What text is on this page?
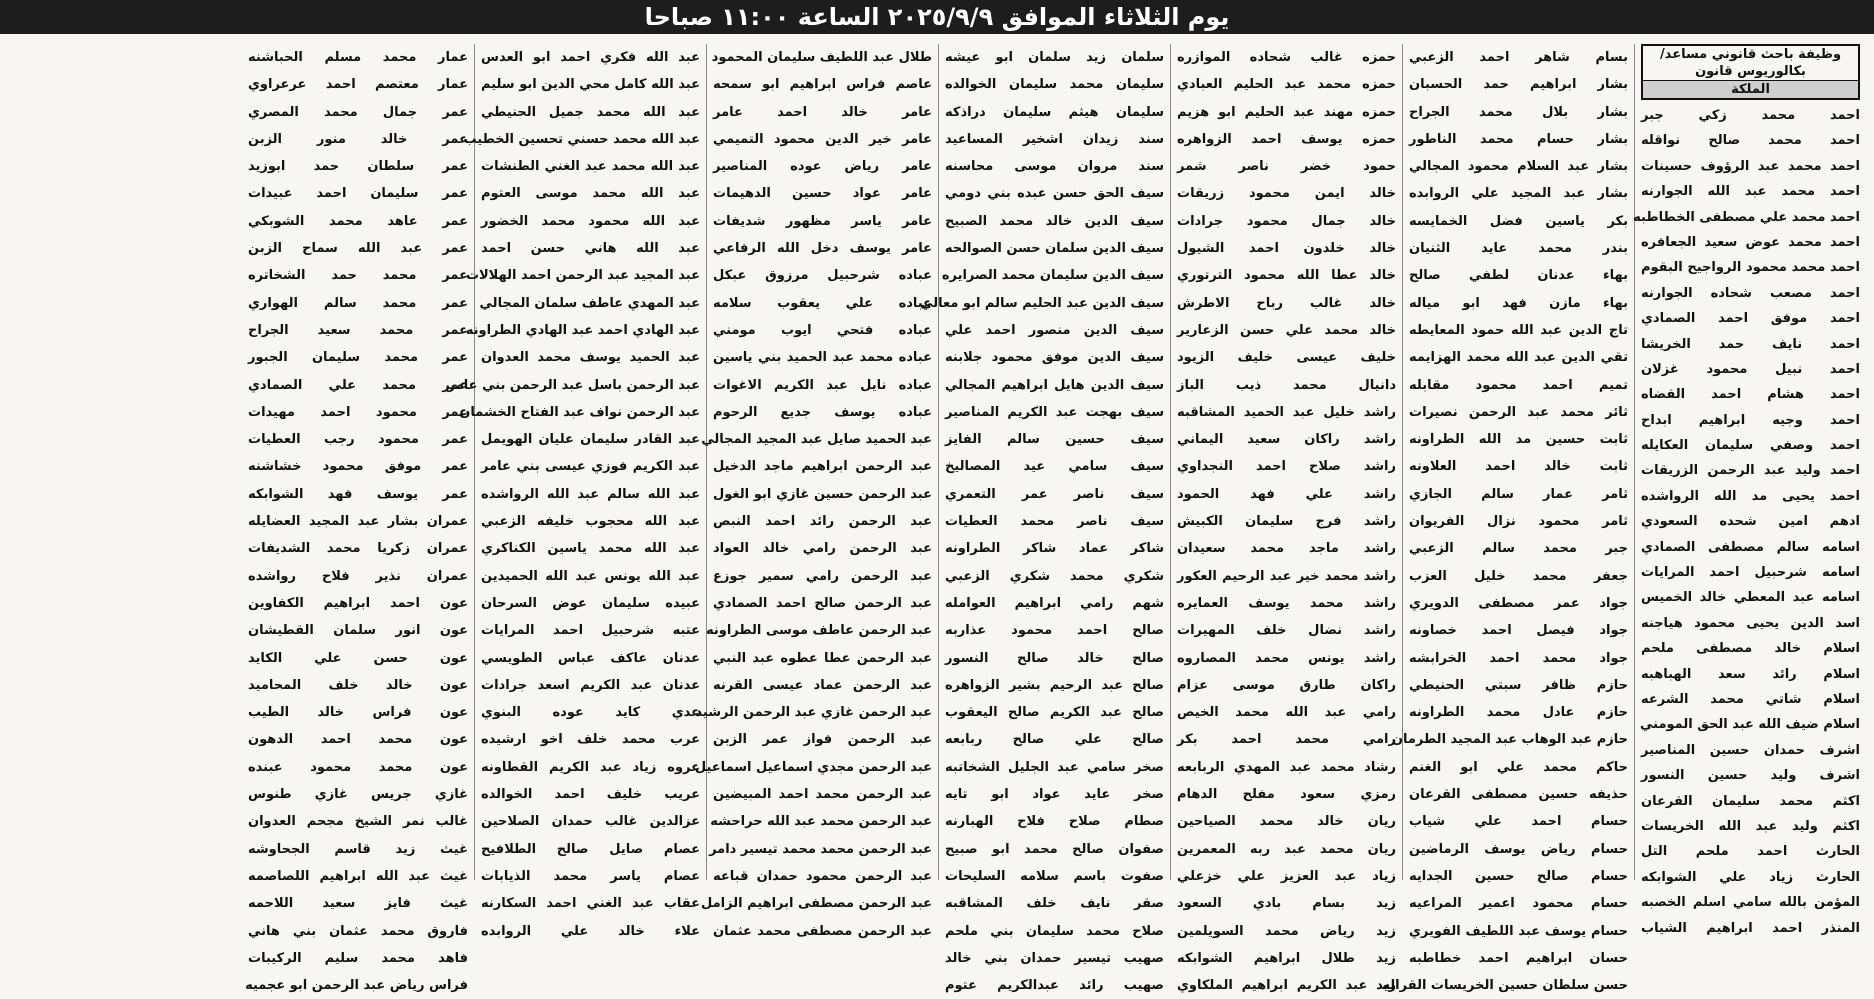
يوم الثلاثاء الموافق ٢٠٢٥/٩/٩ الساعة ١١:٠٠ صباحا
وظيفة باحث قانوني مساعد/
بكالوريوس قانون
الملكة
احمد محمد زكي جبر
احمد محمد صالح نواقله
احمد محمد عبد الرؤوف حسينات
احمد محمد عبد الله الجوارنه
احمد محمد علي مصطفى الخطاطبه
احمد محمد عوض سعيد الجعافره
احمد محمد محمود الرواجيح البقوم
احمد مصعب شحاده الجوارنه
احمد موفق احمد الصمادي
احمد نايف حمد الخريشا
احمد نبيل محمود غزلان
احمد هشام احمد القضاه
احمد وجيه ابراهيم ابداح
احمد وصفي سليمان العكايله
احمد وليد عبد الرحمن الزريقات
احمد يحيى مد الله الرواشده
ادهم امين شحده السعودي
اسامه سالم مصطفى الصمادي
اسامه شرحبيل احمد المرايات
اسامه عبد المعطي خالد الخميس
اسد الدين يحيى محمود هياجنه
اسلام خالد مصطفى ملحم
اسلام رائد سعد الهباهبه
اسلام شاتي محمد الشرعه
اسلام ضيف الله عبد الحق المومني
اشرف حمدان حسين المناصير
اشرف وليد حسين النسور
اكثم محمد سليمان القرعان
اكثم وليد عبد الله الخريسات
الحارث احمد ملحم التل
الحارث زياد علي الشوابكه
المؤمن بالله سامي اسلم الخصبه
المنذر احمد ابراهيم الشياب
بسام شاهر احمد الزعبي
بشار ابراهيم حمد الحسبان
بشار بلال محمد الجراح
بشار حسام محمد الناطور
بشار عبد السلام محمود المجالي
بشار عبد المجيد علي الروابده
بكر ياسين فضل الخمايسه
بندر محمد عايد الثنيان
بهاء عدنان لطفي صالح
بهاء مازن فهد ابو مياله
تاج الدين عبد الله حمود المعايطه
تقي الدين عبد الله محمد الهزايمه
تميم احمد محمود مقابله
ثائر محمد عبد الرحمن نصيرات
ثابت حسين مد الله الطراونه
ثابت خالد احمد العلاونه
ثامر عمار سالم الجازي
ثامر محمود نزال الفريوان
جبر محمد سالم الزعبي
جعفر محمد خليل العزب
جواد عمر مصطفى الدويري
جواد فيصل احمد خصاونه
جواد محمد احمد الخرابشه
حازم ظافر سبتي الحنيطي
حازم عادل محمد الطراونه
حازم عبد الوهاب عبد المجيد الطرمان
حاكم محمد علي ابو الغنم
حذيفه حسين مصطفى القرعان
حسام احمد علي شياب
حسام رياض يوسف الرماضين
حسام صالح حسين الجدايه
حسام محمود اعمير المراعيه
حسام يوسف عبد اللطيف الفويري
حسان ابراهيم احمد خطاطبه
حسن سلطان حسين الخريسات القراله
حمزه غالب شحاده الموازره
حمزه محمد عبد الحليم العبادي
حمزه مهند عبد الحليم ابو هزيم
حمزه يوسف احمد الزواهره
حمود خضر ناصر شمر
خالد ايمن محمود زريقات
خالد جمال محمود جرادات
خالد خلدون احمد الشيول
خالد عطا الله محمود الترتوري
خالد غالب رباح الاطرش
خالد محمد علي حسن الزعارير
خليف عيسى خليف الزيود
دانيال محمد ذيب الباز
راشد خليل عبد الحميد المشاقبه
راشد راكان سعيد اليماني
راشد صلاح احمد النجداوي
راشد علي فهد الحمود
راشد فرج سليمان الكبيش
راشد ماجد محمد سعيدان
راشد محمد خير عبد الرحيم العكور
راشد محمد يوسف العمايره
راشد نضال خلف المهيرات
راشد يونس محمد المصاروه
راكان طارق موسى عزام
رامي عبد الله محمد الخيص
رامي محمد احمد بكر
رشاد محمد عبد المهدي الربابعه
رمزي سعود مفلح الدهام
ريان خالد محمد الصياحين
ريان محمد عبد ربه المعمرين
زياد عبد العزيز علي خزعلي
زيد بسام بادي السعود
زيد رياض محمد السويلمين
زيد طلال ابراهيم الشوابكه
زيد عبد الكريم ابراهيم الملكاوي
سلمان زيد سلمان ابو عيشه
سليمان محمد سليمان الخوالده
سليمان هيثم سليمان دراذكه
سند زيدان اشخير المساعيد
سند مروان موسى محاسنه
سيف الحق حسن عبده بني دومي
سيف الدين خالد محمد الصبيح
سيف الدين سلمان حسن الصوالحه
سيف الدين سليمان محمد الصرايره
سيف الدين عبد الحليم سالم ابو معالي
سيف الدين منصور احمد علي
سيف الدين موفق محمود جلابنه
سيف الدين هايل ابراهيم المجالي
سيف بهجت عبد الكريم المناصير
سيف حسين سالم الفايز
سيف سامي عيد المصاليخ
سيف ناصر عمر التعمري
سيف ناصر محمد العطيات
شاكر عماد شاكر الطراونه
شكري محمد شكري الزعبي
شهم رامي ابراهيم العوامله
صالح احمد محمود عذاربه
صالح خالد صالح النسور
صالح عبد الرحيم بشير الزواهره
صالح عبد الكريم صالح اليعقوب
صالح علي صالح ربابعه
صخر سامي عبد الجليل الشخاتبه
صخر عايد عواد ابو تايه
صطام صلاح فلاح الهبارنه
صفوان صالح محمد ابو صبيح
صفوت باسم سلامه السليحات
صقر نايف خلف المشاقبه
صلاح محمد سليمان بني ملحم
صهيب تيسير حمدان بني خالد
صهيب رائد عبدالكريم عتوم
طلال عبد اللطيف سليمان المحمود
عاصم فراس ابراهيم ابو سمحه
عامر خالد احمد عامر
عامر خير الدين محمود التميمي
عامر رياض عوده المناصير
عامر عواد حسين الدهيمات
عامر ياسر مظهور شديفات
عامر يوسف دخل الله الرفاعي
عباده شرحبيل مرزوق عبكل
عباده علي يعقوب سلامه
عباده فتحي ايوب مومني
عباده محمد عبد الحميد بني ياسين
عباده نايل عبد الكريم الاغوات
عباده يوسف جديع الرحوم
عبد الحميد صايل عبد المجيد المجالي
عبد الرحمن ابراهيم ماجد الدخيل
عبد الرحمن حسين غازي ابو الغول
عبد الرحمن رائد احمد النبص
عبد الرحمن رامي خالد العواد
عبد الرحمن رامي سمير جوزع
عبد الرحمن صالح احمد الصمادي
عبد الرحمن عاطف موسى الطراونه
عبد الرحمن عطا عطوه عبد النبي
عبد الرحمن عماد عيسى القرنه
عبد الرحمن غازي عبد الرحمن الرشيد
عبد الرحمن فواز عمر الزبن
عبد الرحمن مجدي اسماعيل اسماعيل
عبد الرحمن محمد احمد المبيضين
عبد الرحمن محمد عبد الله حراحشه
عبد الرحمن محمد محمد تيسير دامر
عبد الرحمن محمود حمدان قباعه
عبد الرحمن مصطفى ابراهيم الزامل
عبد الرحمن مصطفى محمد عثمان
عبد الله فكري احمد ابو العدس
عبد الله كامل محي الدين ابو سليم
عبد الله محمد جميل الحنيطي
عبد الله محمد حسني تحسين الخطيب
عبد الله محمد عبد الغني الطنشات
عبد الله محمد موسى العتوم
عبد الله محمود محمد الخضور
عبد الله هاني حسن احمد
عبد المجيد عبد الرحمن احمد الهلالات
عبد المهدي عاطف سلمان المجالي
عبد الهادي احمد عبد الهادي الطراونه
عبد الحميد يوسف محمد العدوان
عبد الرحمن باسل عبد الرحمن بني عامر
عبد الرحمن نواف عبد الفتاح الخشمان
عبد القادر سليمان عليان الهويمل
عبد الكريم فوزي عيسى بني عامر
عبد الله سالم عبد الله الرواشده
عبد الله محجوب خليفه الزعبي
عبد الله محمد ياسين الكناكري
عبد الله يونس عبد الله الحميدين
عبيده سليمان عوض السرحان
عتبه شرحبيل احمد المرايات
عدنان عاكف عباس الطويسي
عدنان عبد الكريم اسعد جرادات
عدي كايد عوده البنوي
عرب محمد خلف اخو ارشيده
عروه زياد عبد الكريم القطاونه
عريب خليف احمد الخوالده
عزالدين غالب حمدان الصلاحين
عصام صايل صالح الطلافيح
عصام ياسر محمد الذيابات
عقاب عبد الغني احمد السكارنه
علاء خالد علي الروابده
عمار محمد مسلم الحباشنه
عمار معتصم احمد عرعراوي
عمر جمال محمد المصري
عمر خالد منور الزبن
عمر سلطان حمد ابوزيد
عمر سليمان احمد عبيدات
عمر عاهد محمد الشوبكي
عمر عبد الله سماح الزبن
عمر محمد حمد الشخاتره
عمر محمد سالم الهواري
عمر محمد سعيد الجراح
عمر محمد سليمان الجبور
عمر محمد علي الصمادي
عمر محمود احمد مهيدات
عمر محمود رجب العطيات
عمر موفق محمود خشاشنه
عمر يوسف فهد الشوابكه
عمران بشار عبد المجيد العضايله
عمران زكريا محمد الشديفات
عمران نذير فلاح رواشده
عون احمد ابراهيم الكفاوين
عون انور سلمان القطيشان
عون حسن علي الكايد
عون خالد خلف المحاميد
عون فراس خالد الطيب
عون محمد احمد الدهون
عون محمد محمود عبنده
غازي جريس غازي طنوس
غالب نمر الشيخ مجحم العدوان
غيث زيد قاسم الجحاوشه
غيث عبد الله ابراهيم اللصاصمه
غيث فايز سعيد اللاحمه
فاروق محمد عثمان بني هاني
فاهد محمد سليم الركيبات
فراس رياض عبد الرحمن ابو عجميه
